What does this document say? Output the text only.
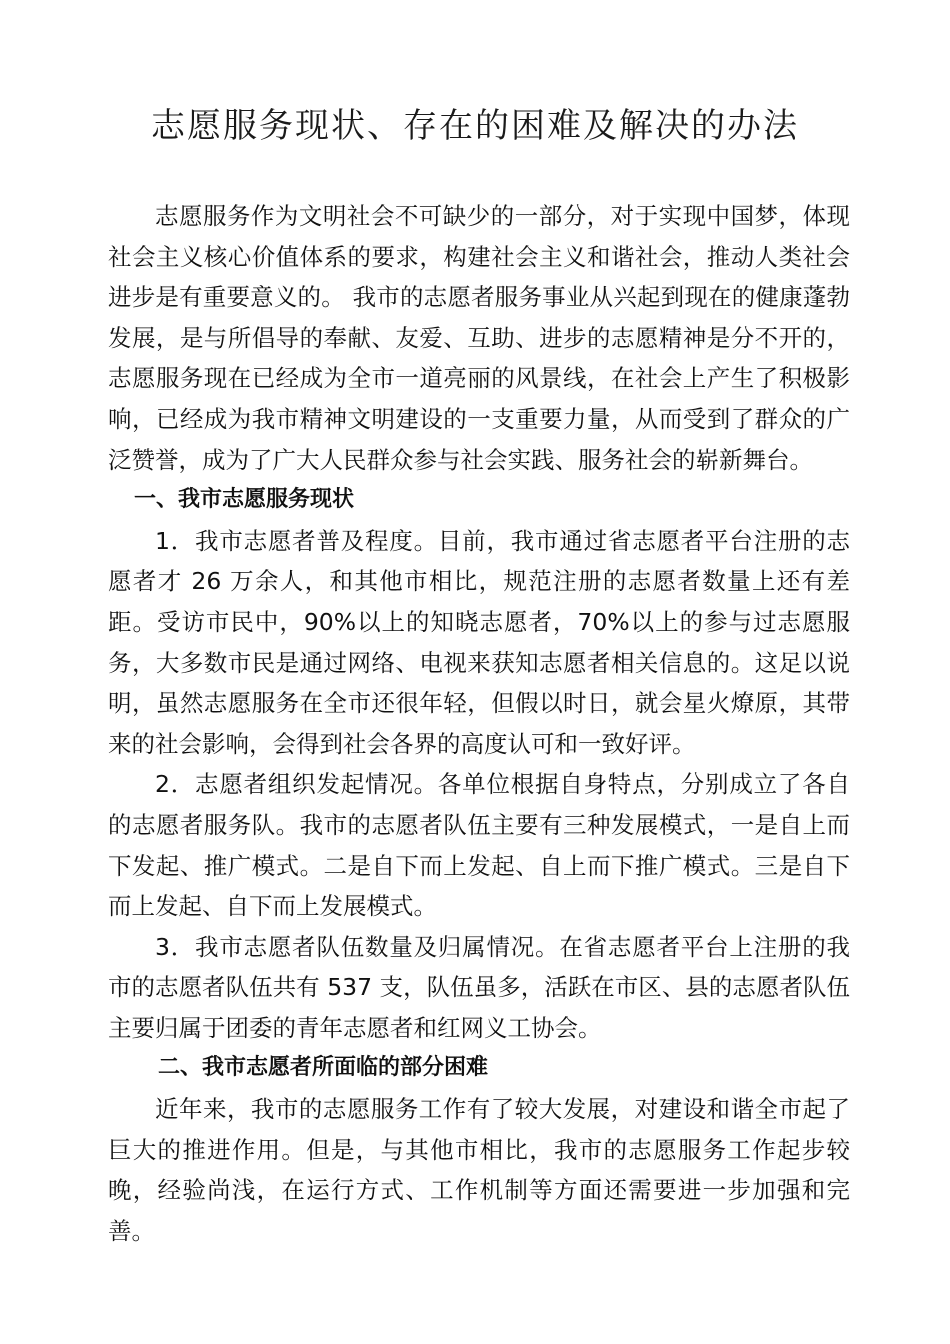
志愿服务现状、存在的困难及解决的办法

志愿服务作为文明社会不可缺少的一部分，对于实现中国梦，体现社会主义核心价值体系的要求，构建社会主义和谐社会，推动人类社会进步是有重要意义的。 我市的志愿者服务事业从兴起到现在的健康蓬勃发展，是与所倡导的奉献、友爱、互助、进步的志愿精神是分不开的，志愿服务现在已经成为全市一道亮丽的风景线，在社会上产生了积极影响，已经成为我市精神文明建设的一支重要力量，从而受到了群众的广泛赞誉，成为了广大人民群众参与社会实践、服务社会的崭新舞台。

一、我市志愿服务现状

1．我市志愿者普及程度。目前，我市通过省志愿者平台注册的志愿者才 26 万余人，和其他市相比，规范注册的志愿者数量上还有差距。受访市民中，90%以上的知晓志愿者，70%以上的参与过志愿服务，大多数市民是通过网络、电视来获知志愿者相关信息的。这足以说明，虽然志愿服务在全市还很年轻，但假以时日，就会星火燎原，其带来的社会影响，会得到社会各界的高度认可和一致好评。

2．志愿者组织发起情况。各单位根据自身特点，分别成立了各自的志愿者服务队。我市的志愿者队伍主要有三种发展模式，一是自上而下发起、推广模式。二是自下而上发起、自上而下推广模式。三是自下而上发起、自下而上发展模式。

3．我市志愿者队伍数量及归属情况。在省志愿者平台上注册的我市的志愿者队伍共有 537 支，队伍虽多，活跃在市区、县的志愿者队伍主要归属于团委的青年志愿者和红网义工协会。

二、我市志愿者所面临的部分困难

近年来，我市的志愿服务工作有了较大发展，对建设和谐全市起了巨大的推进作用。但是，与其他市相比，我市的志愿服务工作起步较晚，经验尚浅，在运行方式、工作机制等方面还需要进一步加强和完善。
